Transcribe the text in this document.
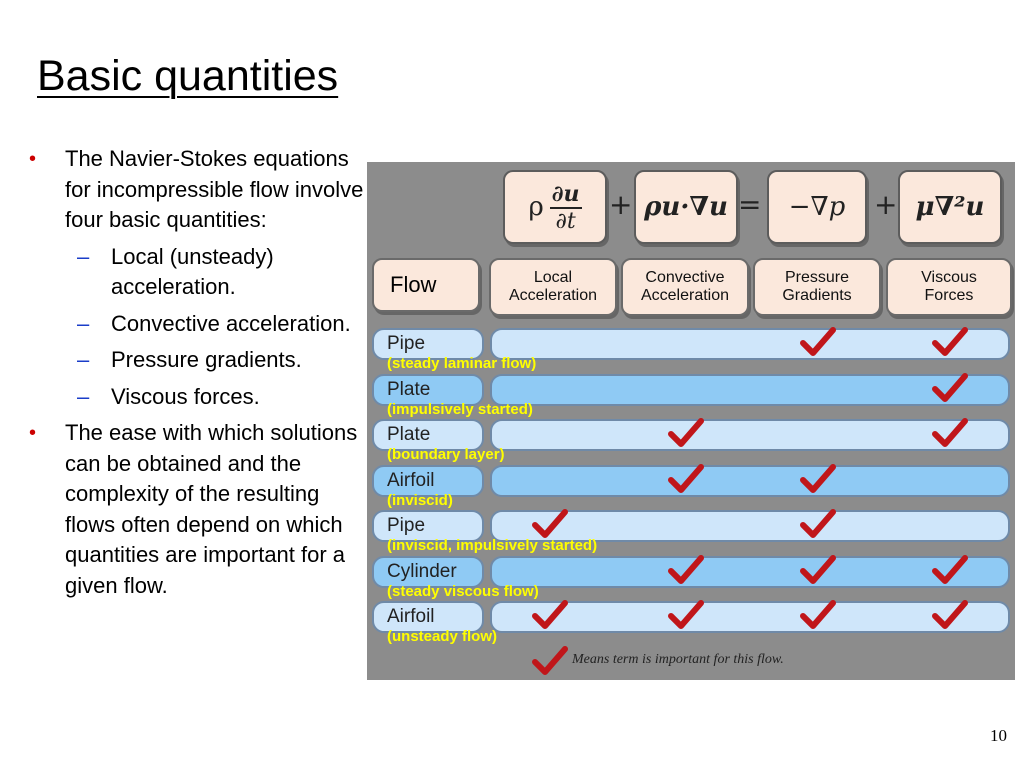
Basic quantities
• The Navier-Stokes equations for incompressible flow involve four basic quantities:
– Local (unsteady) acceleration.
– Convective acceleration.
– Pressure gradients.
– Viscous forces.
• The ease with which solutions can be obtained and the complexity of the resulting flows often depend on which quantities are important for a given flow.
ρ $\frac{\partial u}{\partial t} + \rho u\cdot\nabla u = -\nabla p + \mu\nabla^2u$
Flow	Local
Acceleration
Convective
Acceleration
Pressure
Gradients
Viscous
Forces
Pipe
(steady laminar flow)
Plate
(impulsively started)
Plate
(boundary layer)
Airfoil
(inviscid)
Pipe
(inviscid, impulsively started)
Cylinder
(steady viscous flow)
Airfoil
(unsteady flow)
Means term is important for this flow.
10
